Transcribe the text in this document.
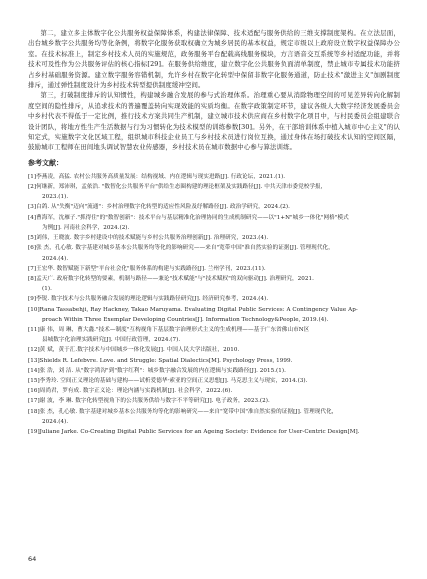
第二，建立多主体数字化公共服务权益保障体系，构建法律保障、技术适配与服务供给的三维支撑制度架构。在立法层面，出台城乡数字公共服务均等化条例，将数字化服务获取权确立为城乡居民的基本权益，规定市级以上政府设立数字权益保障办公室。在技术标准上，制定乡村技术人员的实施规范，政务服务平台配载高线服务模块，方言语音交互系统等乡村适配功能，并将技术可及性作为公共服务评估的核心指标[29]。在服务供给维度，建立数字化公共服务负面清单制度，禁止城市专属技术功能挤占乡村基础服务资源。建立数字服务容错机制，允许乡村在数字化转型中保留非数字化服务通道，防止技术"激进主义"加剧制度排斥，通过弹性制度设计为乡村技术转型提供制度缓冲空间。

第三，打破制度排斥的认知惯性，构建城乡融合发展的参与式治理体系。治理重心要从消除物理空间的可见差异转向化解制度空间的隐性排斥，从追求技术的普遍覆盖转向实现效能的实质均衡。在数字政策制定环节，建议各级人大数字经济发展委员会中乡村代表不得低于一定比例，推行技术方案共同生产机制，建立城市技术供应商在乡村数字化项目中，与村民委员会组建联合设计团队，将地方性生产生活数据与行为习惯转化为技术模型的训练参数[30]。另外，在干部培训体系中植入城市中心主义"的认知定式，实施数字文化区域工程，组织城市科技企业员工与乡村技术员进行岗位互换，通过身体在场打破技术认知的空间区隔，鼓励城市工程师在田间地头调试智慧农业传感器，乡村技术员在城市数据中心参与算法训练。

参考文献：
[1]李燕凌，高猛. 农村公共服务高质量发展：结构视域、内在逻辑与现实进路[J]. 行政论坛，2021.(1).
[2]何继新，郑沛琪，孟依浩. "数智化公共服务平台"供给生态圈构建的理论框架及实践路径[J]. 中共天津市委党校学报，
2023.(1).
[3]白鸽. 从"失衡"迈向"流通"：乡村治理数字化转型的适应性风险及纾解路径[J]. 政治学研究，2024.(2).
[4]曹海军，沈雁子."抓得住"的"数智创新"：技术平台与基层精准化治理协同的生成机制研究——以"1+N"城乡一体化"网格"模式
为例[J]. 河南社会科学，2024.(2).
[5]刘伟，王晓波. 数字乡村建设中的技术赋能与乡村公共服务治理创新[J]. 治理研究，2023.(4).
[6]张 杰，孔心敏. 数字基建对城乡基本公共服务均等化的影响研究——来自"宽带中国"准自然实验的证据[J]. 管理现代化，
2024.(4).
[7]王宏华. 数智赋能下新型"平台社会化"服务体系的构建与实践路径[J]. 兰州学刊，2023.(11).
[8]孟天广. 政府数字化转型的要素，机制与路径——兼论"技术赋能"与"技术赋权"的双向驱动[J]. 治理研究，2021.
(1).
[9]李锐. 数字技术与公共服务融合发展的理论逻辑与实践路径研究[J]. 经济研究参考，2024.(4).
[10]Rana Tassabehji, Ray Hackney, Takao Maruyama. Evaluating Digital Public Services: A Contingency Value Ap-
proach Within Three Exemplar Developing Countries[J]. Information Technology&People, 2019.(4).
[11]康 伟，周 琳，曹大鑫."技术—制度"互构视角下基层数字治理形式主义的生成机理——基于广东省佛山市N区
县城数字化治理实践研究[J]. 中国行政管理，2024.(7).
[12]黄 斌，黄于汇.数字技术与中国城乡一体化发展[J]. 中国人民大学出版社，2010.
[13]Shields R. Lefebvre. Love. and Struggle: Spatial Dialectics[M]. Psychology Press, 1999.
[14]张 浩，刘 洁. 从"数字鸿沟"到"数字红利"：城乡数字融合发展的内在逻辑与实践路径[J]. 2015.(1).
[15]李秀玲. 空间正义理论的基础与建构——试析爱德华·索亚的空间正义思想[J]. 马克思主义与现实，2014.(3).
[16]周尚君，罗有成. 数字正义论：理论内涵与实践机制[J]. 社会科学，2022.(6).
[17]谢 波，李 琳. 数字化转型视角下的公共服务供给与数字不平等研究[J]. 电子政务，2023.(2).
[18]张 杰，孔心敏. 数字基建对城乡基本公共服务均等化的影响研究——来自"宽带中国"准自然实验的证据[J]. 管理现代化，
2024.(4).
[19]Juliane Jarke. Co-Creating Digital Public Services for an Ageing Society: Evidence for User-Centric Design[M].
64
